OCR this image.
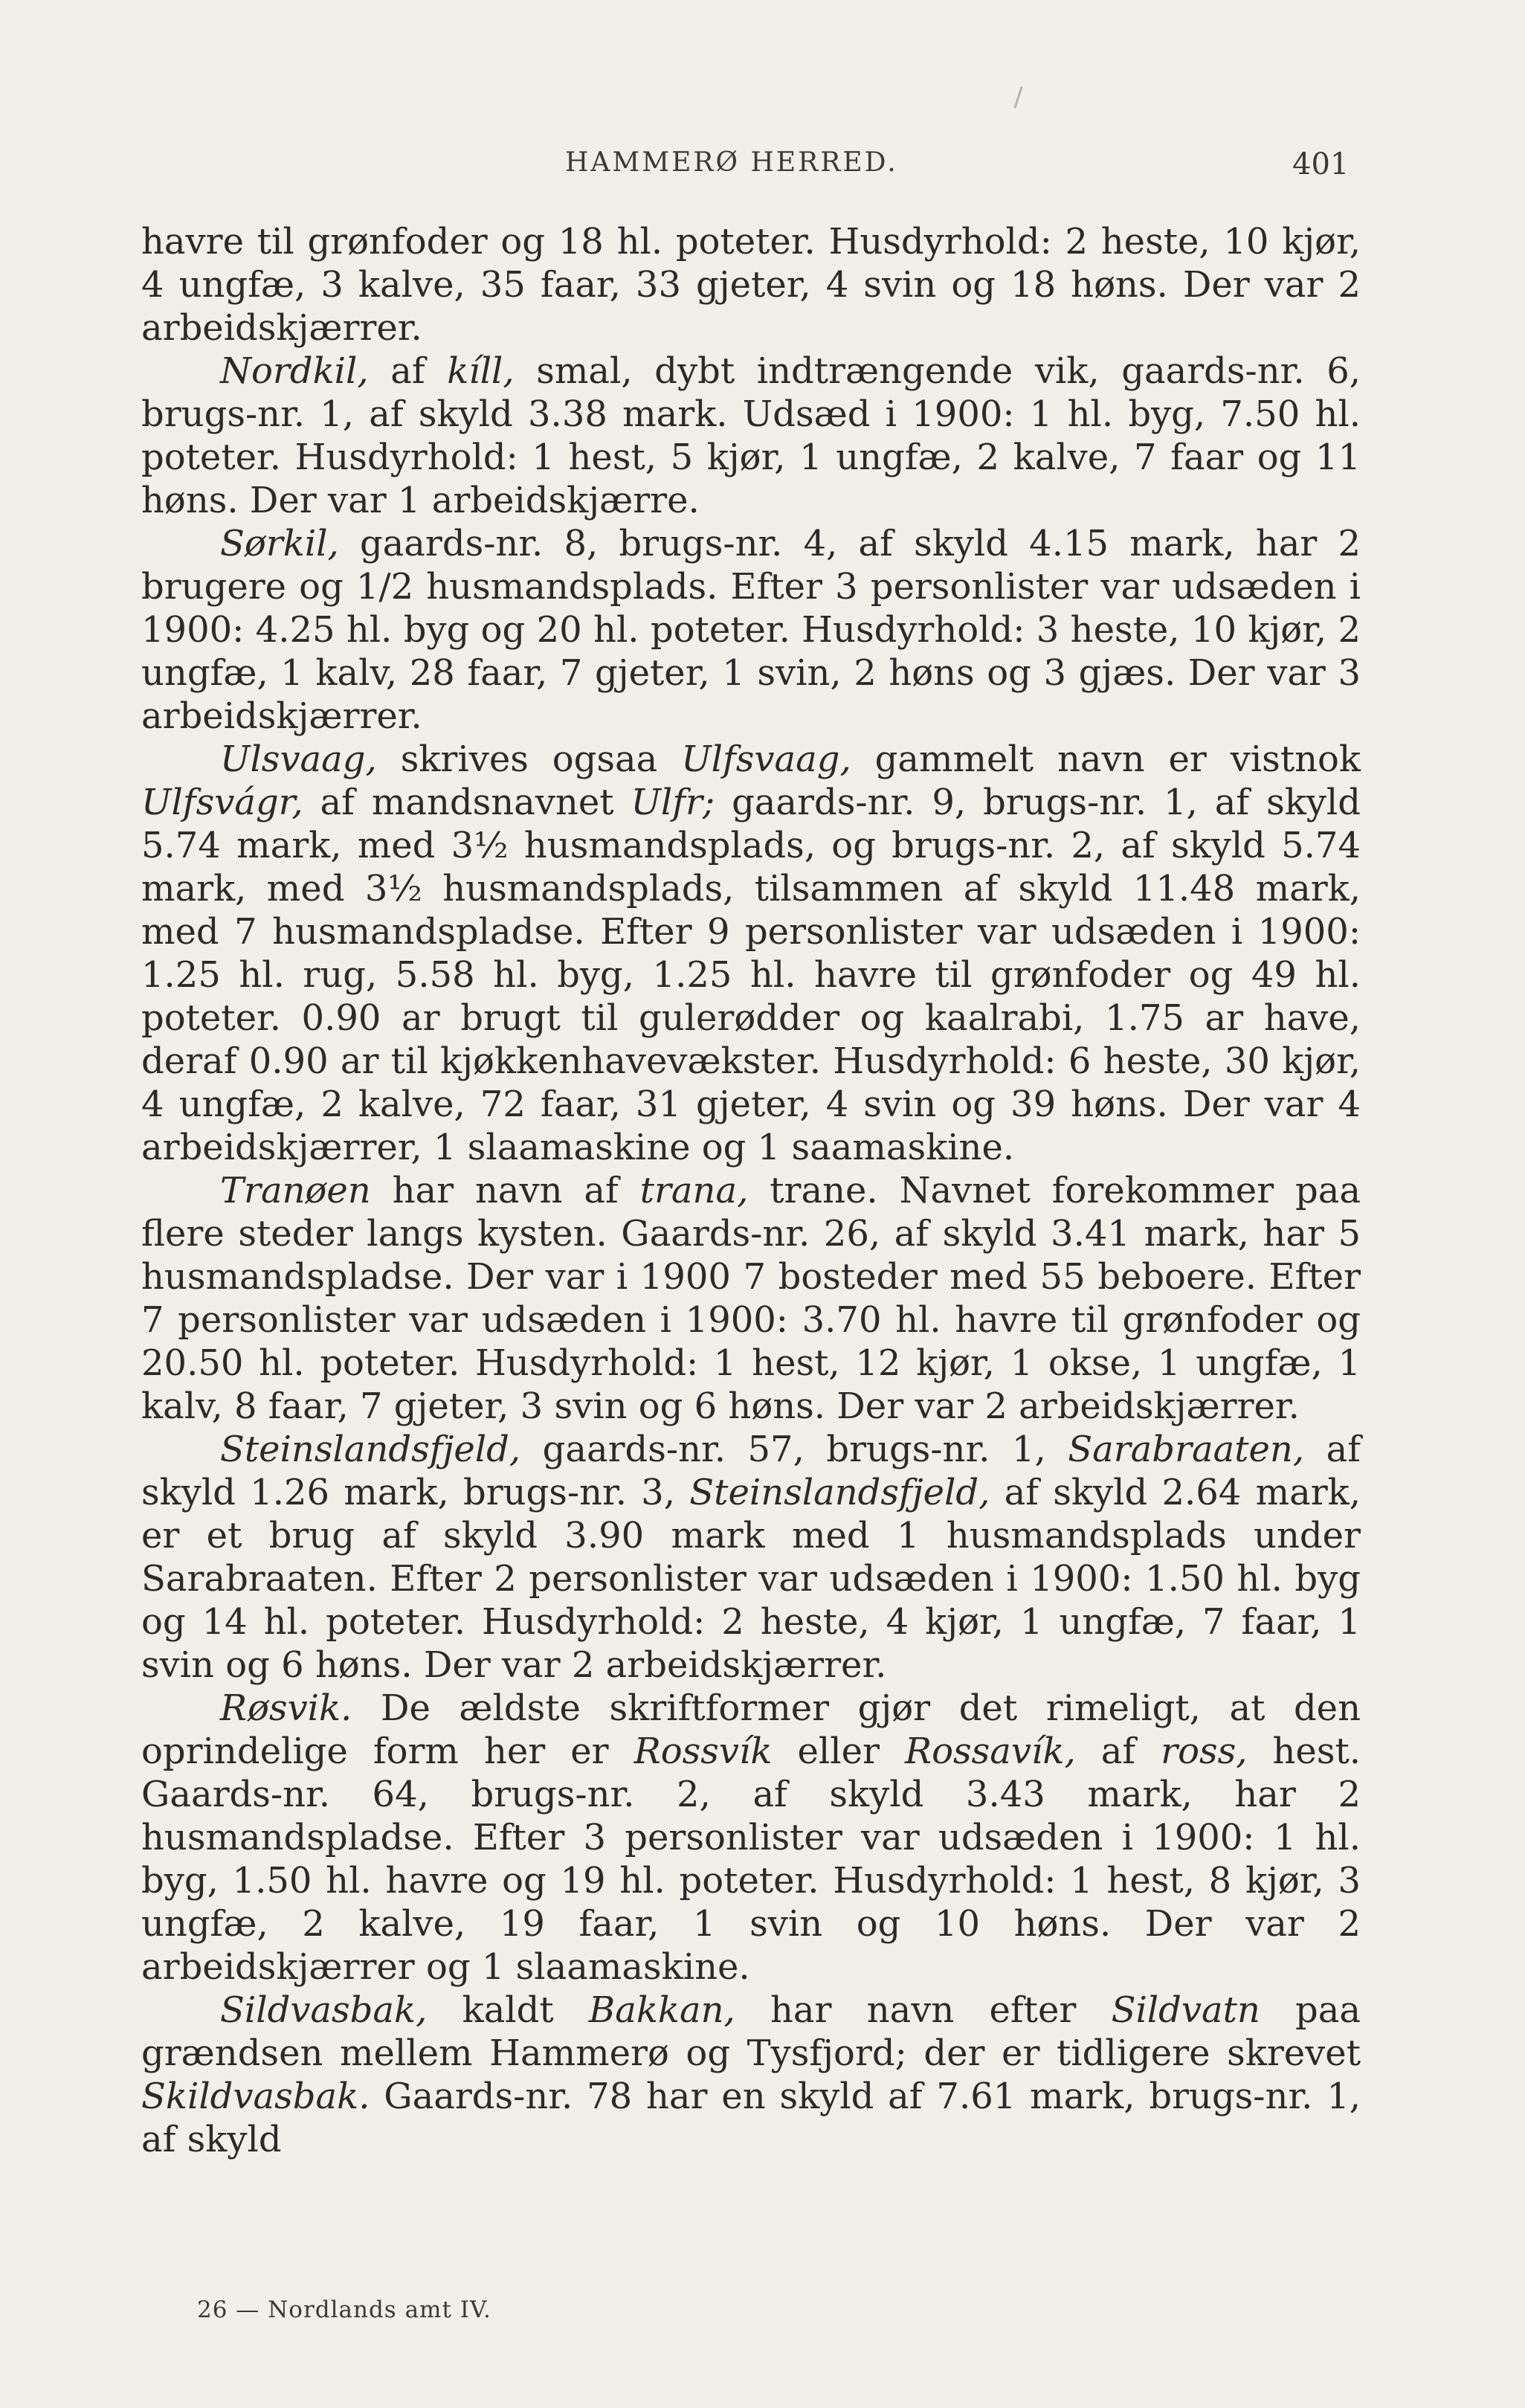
HAMMERØ HERRED.	401

havre til grønfoder og 18 hl. poteter. Husdyrhold: 2 heste, 10 kjør, 4 ungfæ, 3 kalve, 35 faar, 33 gjeter, 4 svin og 18 høns. Der var 2 arbeidskjærrer.

Nordkil, af kíll, smal, dybt indtrængende vik, gaards-nr. 6, brugs-nr. 1, af skyld 3.38 mark. Udsæd i 1900: 1 hl. byg, 7.50 hl. poteter. Husdyrhold: 1 hest, 5 kjør, 1 ungfæ, 2 kalve, 7 faar og 11 høns. Der var 1 arbeidskjærre.

Sørkil, gaards-nr. 8, brugs-nr. 4, af skyld 4.15 mark, har 2 brugere og 1/2 husmandsplads. Efter 3 personlister var udsæden i 1900: 4.25 hl. byg og 20 hl. poteter. Husdyrhold: 3 heste, 10 kjør, 2 ungfæ, 1 kalv, 28 faar, 7 gjeter, 1 svin, 2 høns og 3 gjæs. Der var 3 arbeidskjærrer.

Ulsvaag, skrives ogsaa Ulfsvaag, gammelt navn er vistnok Ulfsvágr, af mandsnavnet Ulfr; gaards-nr. 9, brugs-nr. 1, af skyld 5.74 mark, med 3½ husmandsplads, og brugs-nr. 2, af skyld 5.74 mark, med 3½ husmandsplads, tilsammen af skyld 11.48 mark, med 7 husmandspladse. Efter 9 personlister var udsæden i 1900: 1.25 hl. rug, 5.58 hl. byg, 1.25 hl. havre til grønfoder og 49 hl. poteter. 0.90 ar brugt til gulerødder og kaalrabi, 1.75 ar have, deraf 0.90 ar til kjøkkenhavevækster. Husdyrhold: 6 heste, 30 kjør, 4 ungfæ, 2 kalve, 72 faar, 31 gjeter, 4 svin og 39 høns. Der var 4 arbeidskjærrer, 1 slaamaskine og 1 saamaskine.

Tranøen har navn af trana, trane. Navnet forekommer paa flere steder langs kysten. Gaards-nr. 26, af skyld 3.41 mark, har 5 husmandspladse. Der var i 1900 7 bosteder med 55 beboere. Efter 7 personlister var udsæden i 1900: 3.70 hl. havre til grønfoder og 20.50 hl. poteter. Husdyrhold: 1 hest, 12 kjør, 1 okse, 1 ungfæ, 1 kalv, 8 faar, 7 gjeter, 3 svin og 6 høns. Der var 2 arbeidskjærrer.

Steinslandsfjeld, gaards-nr. 57, brugs-nr. 1, Sarabraaten, af skyld 1.26 mark, brugs-nr. 3, Steinslandsfjeld, af skyld 2.64 mark, er et brug af skyld 3.90 mark med 1 husmandsplads under Sarabraaten. Efter 2 personlister var udsæden i 1900: 1.50 hl. byg og 14 hl. poteter. Husdyrhold: 2 heste, 4 kjør, 1 ungfæ, 7 faar, 1 svin og 6 høns. Der var 2 arbeidskjærrer.

Røsvik. De ældste skriftformer gjør det rimeligt, at den oprindelige form her er Rossvík eller Rossavík, af ross, hest. Gaards-nr. 64, brugs-nr. 2, af skyld 3.43 mark, har 2 husmandspladse. Efter 3 personlister var udsæden i 1900: 1 hl. byg, 1.50 hl. havre og 19 hl. poteter. Husdyrhold: 1 hest, 8 kjør, 3 ungfæ, 2 kalve, 19 faar, 1 svin og 10 høns. Der var 2 arbeidskjærrer og 1 slaamaskine.

Sildvasbak, kaldt Bakkan, har navn efter Sildvatn paa grændsen mellem Hammerø og Tysfjord; der er tidligere skrevet Skildvasbak. Gaards-nr. 78 har en skyld af 7.61 mark, brugs-nr. 1, af skyld

26 — Nordlands amt IV.
